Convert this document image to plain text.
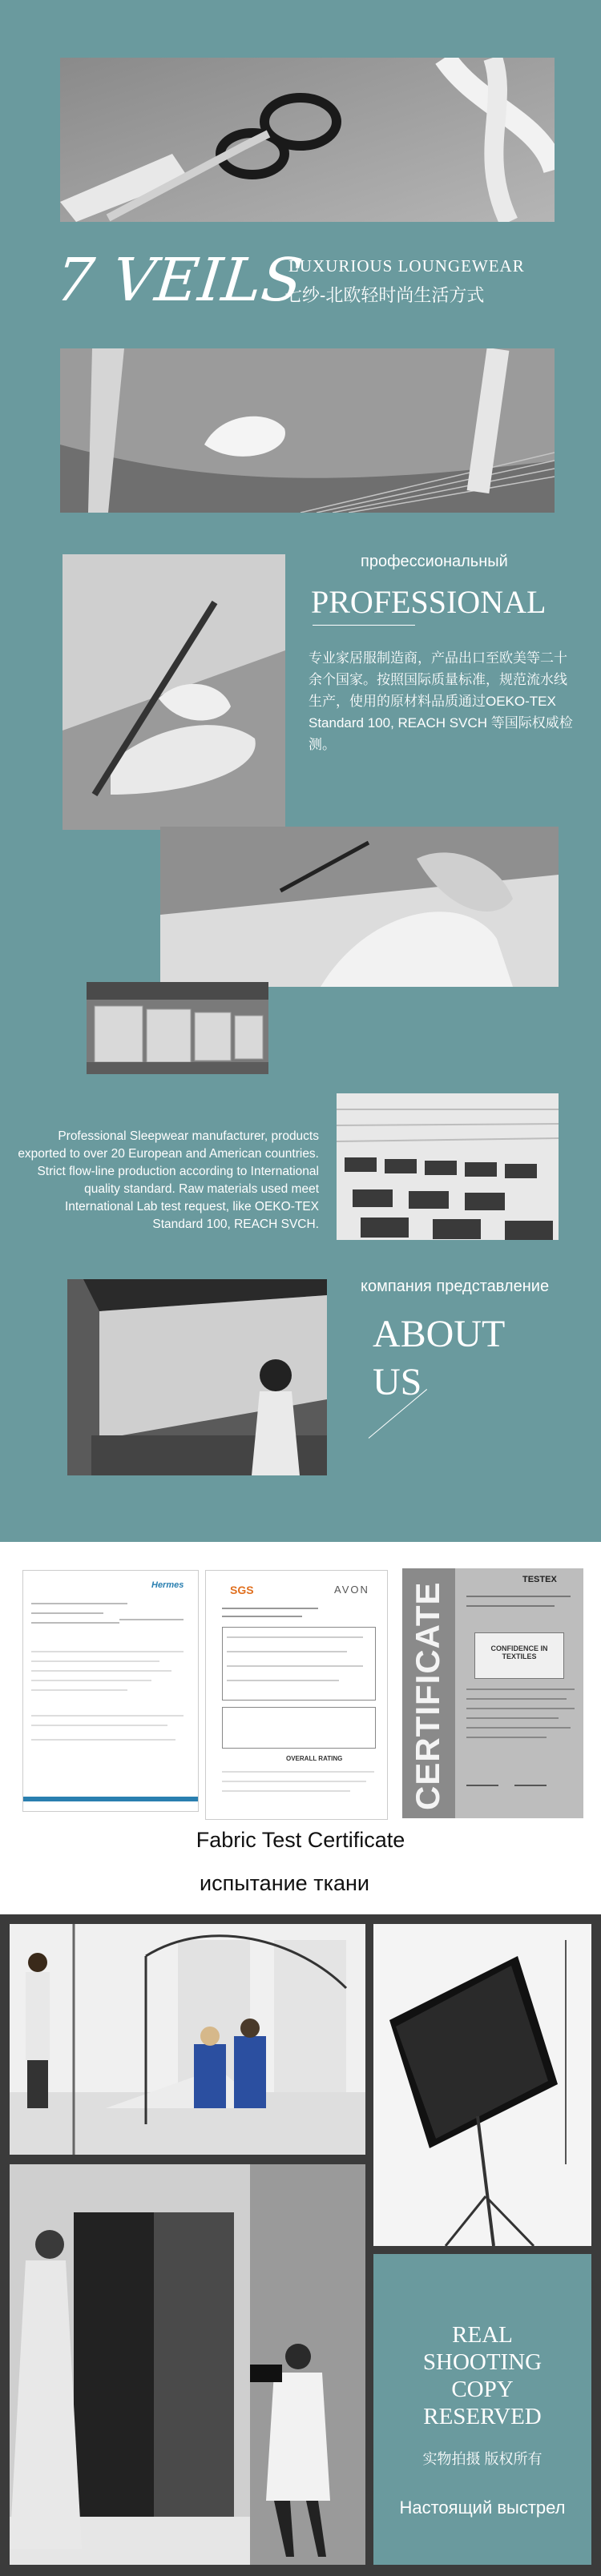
7 VEILS
LUXURIOUS LOUNGEWEAR
七纱-北欧轻时尚生活方式
профессиональный
PROFESSIONAL
专业家居服制造商，产品出口至欧美等二十余个国家。按照国际质量标准，规范流水线生产，使用的原材料品质通过OEKO-TEX Standard 100, REACH SVCH 等国际权威检测。
Professional Sleepwear manufacturer, products exported to over 20 European and American countries. Strict flow-line production according to International quality standard. Raw materials used meet International Lab test request, like OEKO-TEX Standard 100, REACH SVCH.
компания представление
ABOUT
US
Hermes	SGS	AVON
OVERALL RATING CERTIFICATE
TESTEX
CONFIDENCE IN TEXTILES
Fabric Test Certificate
испытание ткани
REAL
SHOOTING
COPY
RESERVED
实物拍摄 版权所有
Настоящий выстрел
